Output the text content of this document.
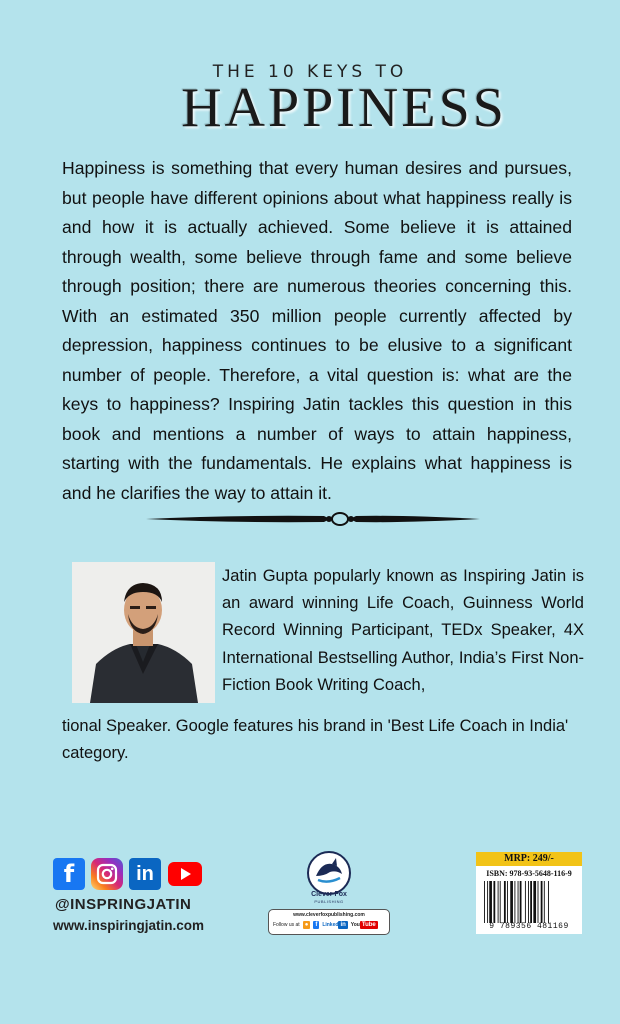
THE 10 KEYS TO
HAPPINESS
Happiness is something that every human desires and pursues, but people have different opinions about what happiness really is and how it is actually achieved. Some believe it is attained through wealth, some believe through fame and some believe through position; there are numerous theories concerning this. With an estimated 350 million people currently affected by depression, happiness continues to be elusive to a significant number of people. Therefore, a vital question is: what are the keys to happiness? Inspiring Jatin tackles this question in this book and mentions a number of ways to attain happiness, starting with the fundamentals. He explains what happiness is and he clarifies the way to attain it.
Jatin Gupta popularly known as Inspiring Jatin is an award winning Life Coach, Guinness World Record Winning Participant, TEDx Speaker, 4X International Bestselling Author, India’s First Non-Fiction Book Writing Coach,
tional Speaker. Google features his brand in 'Best Life Coach in India' category.
f	in
@INSPRINGJATIN
www.inspiringjatin.com
Clever Fox
PUBLISHING
www.cleverfoxpublishing.com
Follow us at ●	f	Linked in	You Tube
MRP: 249/-
ISBN: 978-93-5648-116-9
9 789356 481169
